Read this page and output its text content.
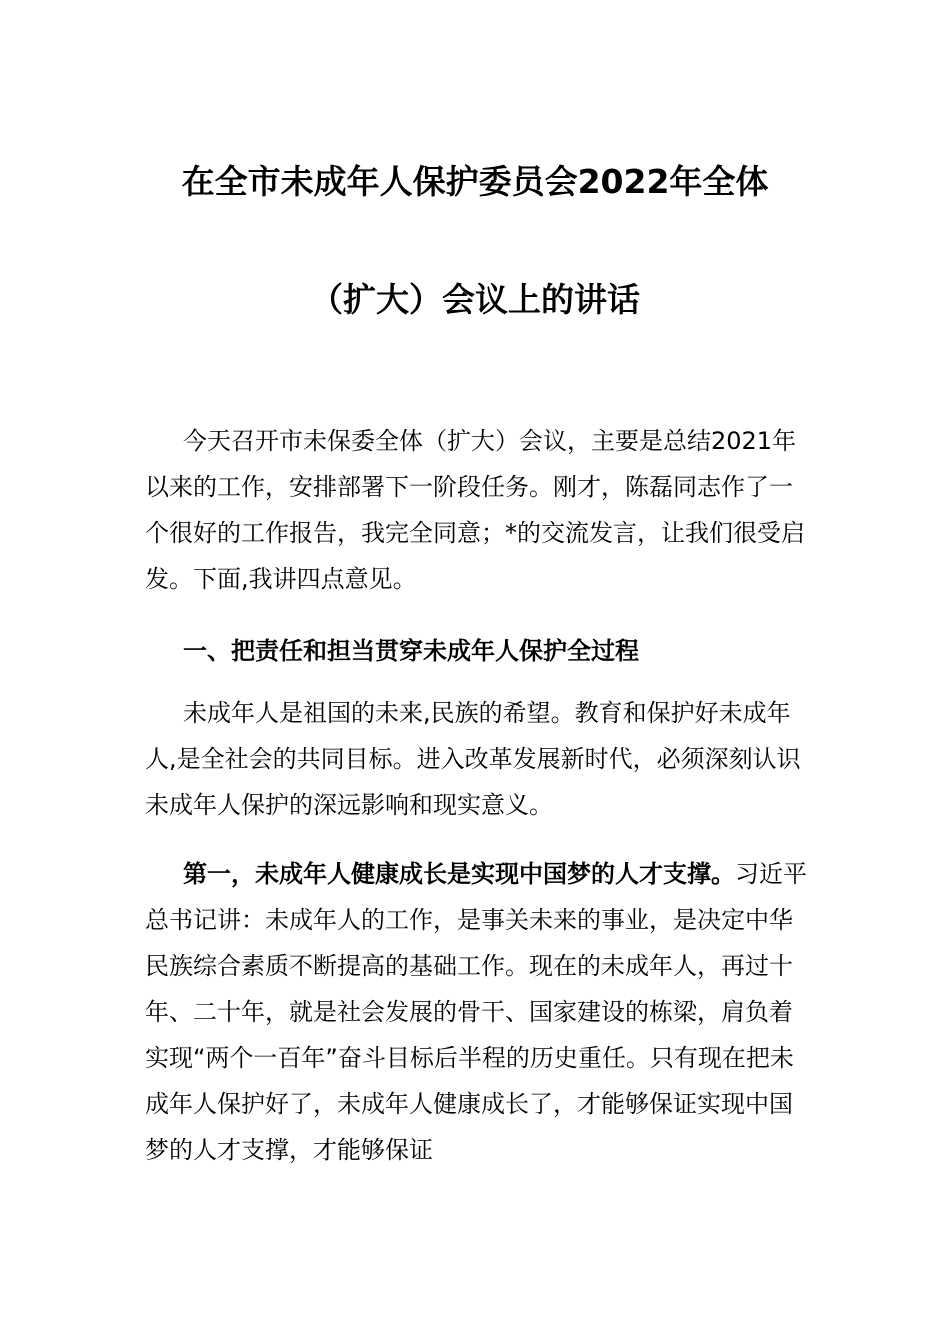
在全市未成年人保护委员会2022年全体
（扩大）会议上的讲话

今天召开市未保委全体（扩大）会议，主要是总结2021年以来的工作，安排部署下一阶段任务。刚才，陈磊同志作了一个很好的工作报告，我完全同意；*的交流发言，让我们很受启发。下面,我讲四点意见。

一、把责任和担当贯穿未成年人保护全过程

未成年人是祖国的未来,民族的希望。教育和保护好未成年人,是全社会的共同目标。进入改革发展新时代，必须深刻认识未成年人保护的深远影响和现实意义。

第一，未成年人健康成长是实现中国梦的人才支撑。习近平总书记讲：未成年人的工作，是事关未来的事业，是决定中华民族综合素质不断提高的基础工作。现在的未成年人，再过十年、二十年，就是社会发展的骨干、国家建设的栋梁，肩负着实现“两个一百年”奋斗目标后半程的历史重任。只有现在把未成年人保护好了，未成年人健康成长了，才能够保证实现中国梦的人才支撑，才能够保证
